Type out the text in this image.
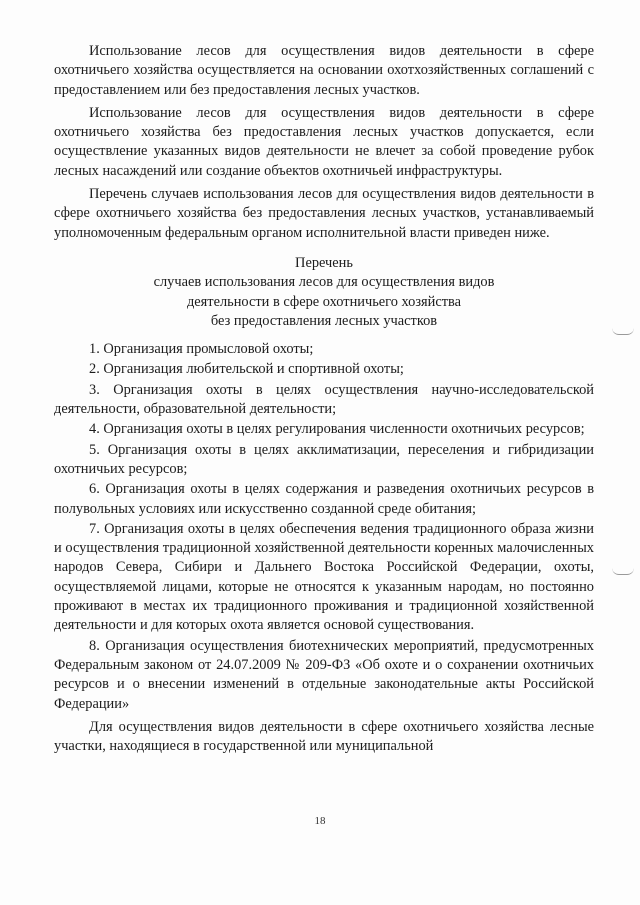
Использование лесов для осуществления видов деятельности в сфере охотничьего хозяйства осуществляется на основании охотхозяйственных соглашений с предоставлением или без предоставления лесных участков.

Использование лесов для осуществления видов деятельности в сфере охотничьего хозяйства без предоставления лесных участков допускается, если осуществление указанных видов деятельности не влечет за собой проведение рубок лесных насаждений или создание объектов охотничьей инфраструктуры.

Перечень случаев использования лесов для осуществления видов деятельности в сфере охотничьего хозяйства без предоставления лесных участков, устанавливаемый уполномоченным федеральным органом исполнительной власти приведен ниже.

Перечень

случаев использования лесов для осуществления видов

деятельности в сфере охотничьего хозяйства

без предоставления лесных участков

1. Организация промысловой охоты;
2. Организация любительской и спортивной охоты;
3. Организация охоты в целях осуществления научно-исследовательской деятельности, образовательной деятельности;
4. Организация охоты в целях регулирования численности охотничьих ресурсов;
5. Организация охоты в целях акклиматизации, переселения и гибридизации охотничьих ресурсов;
6. Организация охоты в целях содержания и разведения охотничьих ресурсов в полувольных условиях или искусственно созданной среде обитания;
7. Организация охоты в целях обеспечения ведения традиционного образа жизни и осуществления традиционной хозяйственной деятельности коренных малочисленных народов Севера, Сибири и Дальнего Востока Российской Федерации, охоты, осуществляемой лицами, которые не относятся к указанным народам, но постоянно проживают в местах их традиционного проживания и традиционной хозяйственной деятельности и для которых охота является основой существования.
8. Организация осуществления биотехнических мероприятий, предусмотренных Федеральным законом от 24.07.2009 № 209-ФЗ «Об охоте и о сохранении охотничьих ресурсов и о внесении изменений в отдельные законодательные акты Российской Федерации»

Для осуществления видов деятельности в сфере охотничьего хозяйства лесные участки, находящиеся в государственной или муниципальной

18
